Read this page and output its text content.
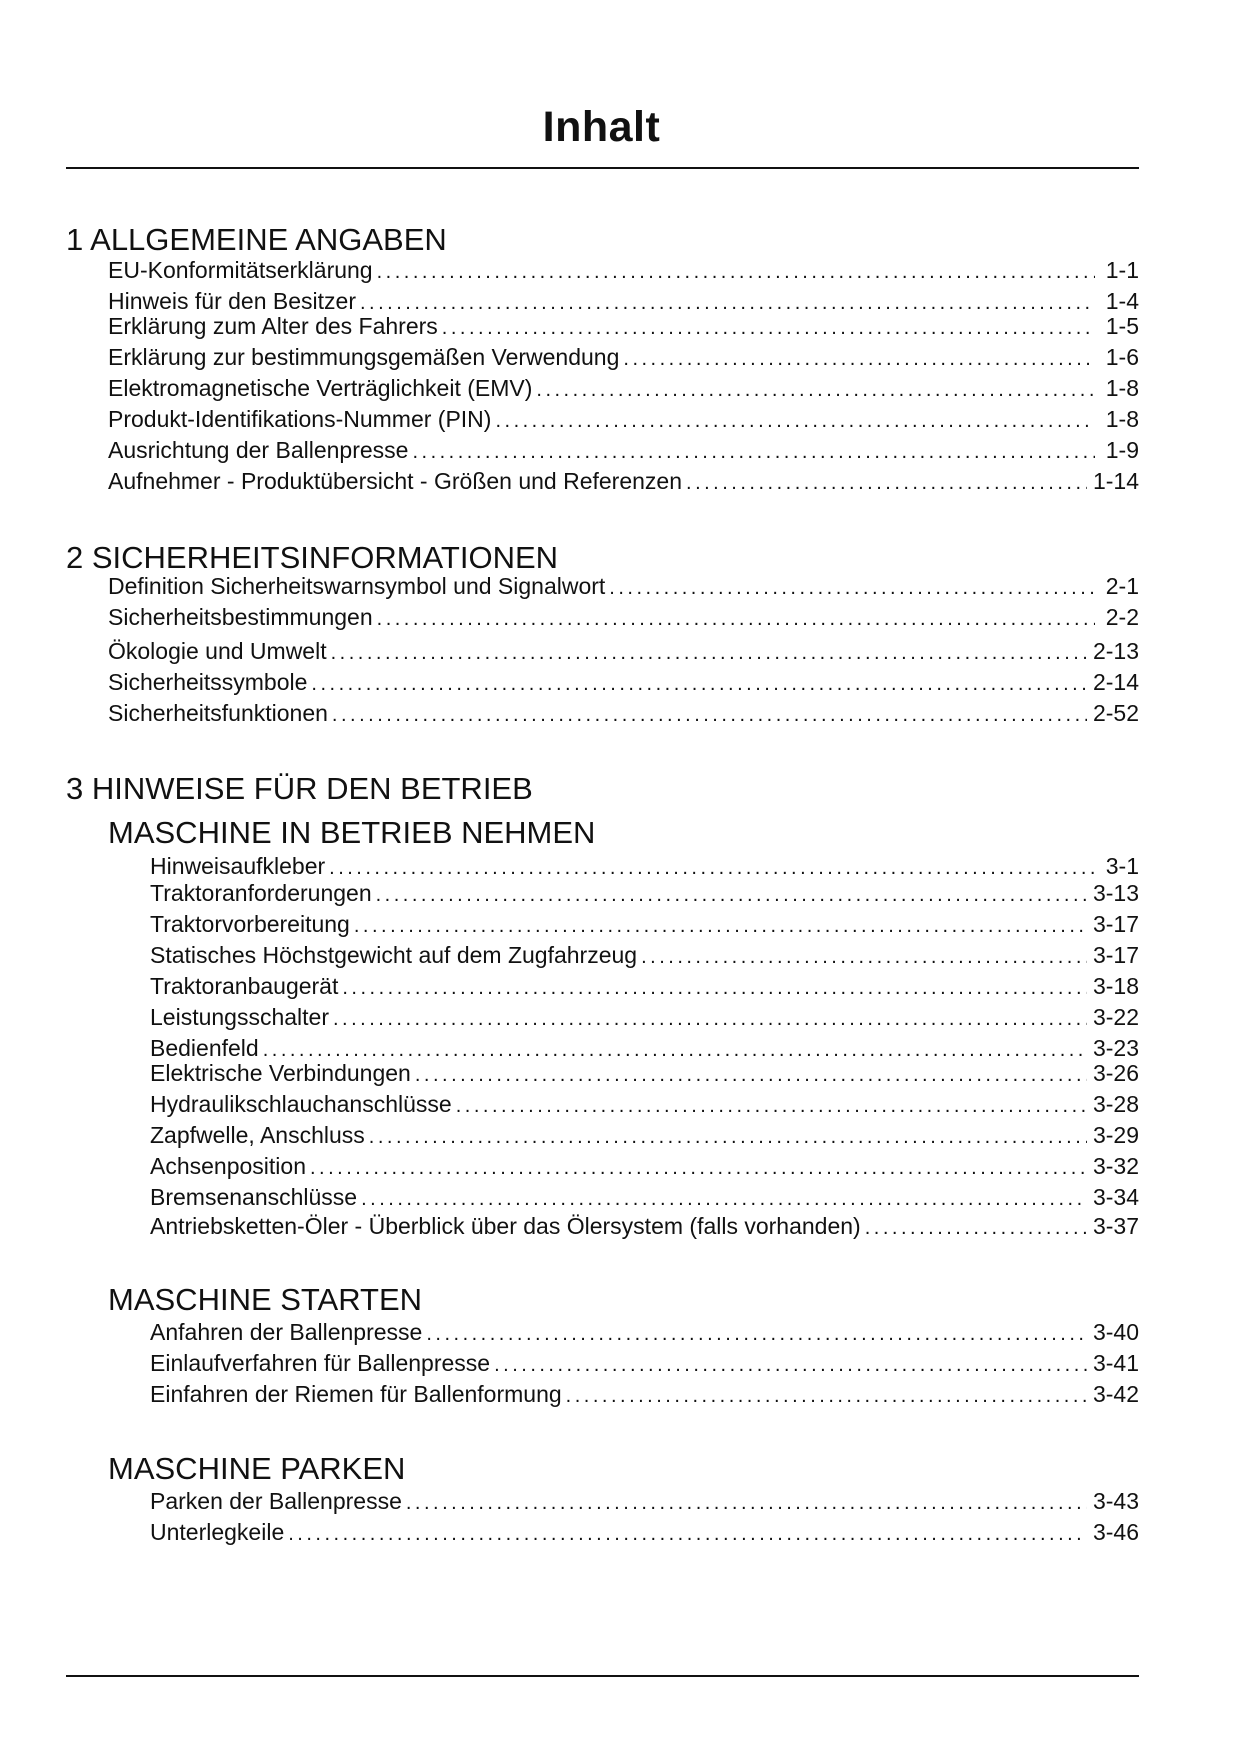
Inhalt
1 ALLGEMEINE ANGABEN
EU-Konformitätserklärung .....	1-1
Hinweis für den Besitzer .....	1-4
Erklärung zum Alter des Fahrers .....	1-5
Erklärung zur bestimmungsgemäßen Verwendung .....	1-6
Elektromagnetische Verträglichkeit (EMV) .....	1-8
Produkt-Identifikations-Nummer (PIN) .....	1-8
Ausrichtung der Ballenpresse .....	1-9
Aufnehmer - Produktübersicht - Größen und Referenzen .....	1-14
2 SICHERHEITSINFORMATIONEN
Definition Sicherheitswarnsymbol und Signalwort .....	2-1
Sicherheitsbestimmungen .....	2-2
Ökologie und Umwelt .....	2-13
Sicherheitssymbole .....	2-14
Sicherheitsfunktionen .....	2-52
3 HINWEISE FÜR DEN BETRIEB
MASCHINE IN BETRIEB NEHMEN
Hinweisaufkleber .....	3-1
Traktoranforderungen .....	3-13
Traktorvorbereitung .....	3-17
Statisches Höchstgewicht auf dem Zugfahrzeug .....	3-17
Traktoranbaugerät .....	3-18
Leistungsschalter .....	3-22
Bedienfeld .....	3-23
Elektrische Verbindungen .....	3-26
Hydraulikschlauchanschlüsse .....	3-28
Zapfwelle, Anschluss .....	3-29
Achsenposition .....	3-32
Bremsenanschlüsse .....	3-34
Antriebsketten-Öler - Überblick über das Ölersystem (falls vorhanden) .....	3-37
MASCHINE STARTEN
Anfahren der Ballenpresse .....	3-40
Einlaufverfahren für Ballenpresse .....	3-41
Einfahren der Riemen für Ballenformung .....	3-42
MASCHINE PARKEN
Parken der Ballenpresse .....	3-43
Unterlegkeile .....	3-46
